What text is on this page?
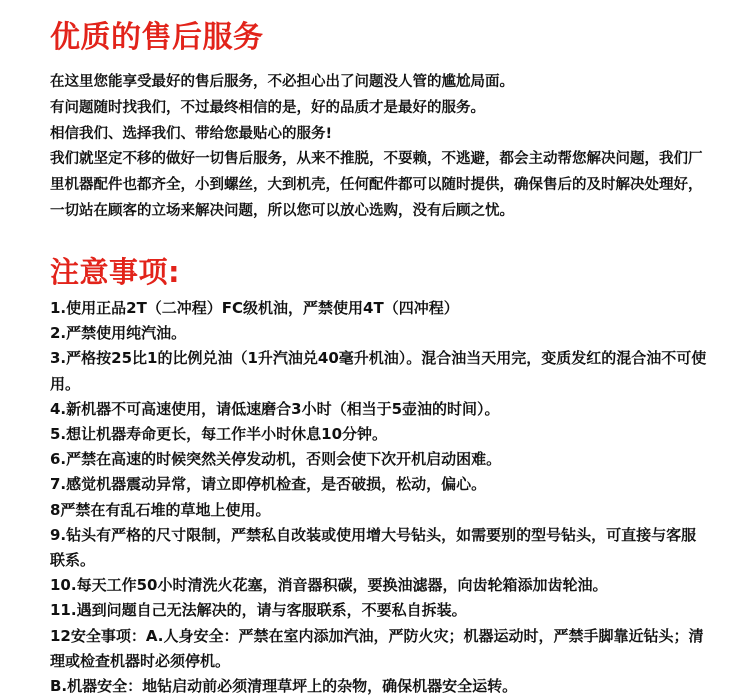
优质的售后服务

在这里您能享受最好的售后服务，不必担心出了问题没人管的尴尬局面。

有问题随时找我们，不过最终相信的是，好的品质才是最好的服务。

相信我们、选择我们、带给您最贴心的服务!

我们就坚定不移的做好一切售后服务，从来不推脱，不耍赖，不逃避，都会主动帮您解决问题，我们厂里机器配件也都齐全，小到螺丝，大到机壳，任何配件都可以随时提供，确保售后的及时解决处理好，一切站在顾客的立场来解决问题，所以您可以放心选购，没有后顾之忧。

注意事项:
1.使用正品2T（二冲程）FC级机油，严禁使用4T（四冲程）
2.严禁使用纯汽油。
3.严格按25比1的比例兑油（1升汽油兑40毫升机油）。混合油当天用完，变质发红的混合油不可使用。
4.新机器不可高速使用，请低速磨合3小时（相当于5壶油的时间）。
5.想让机器寿命更长，每工作半小时休息10分钟。
6.严禁在高速的时候突然关停发动机，否则会使下次开机启动困难。
7.感觉机器震动异常，请立即停机检查，是否破损，松动，偏心。
8严禁在有乱石堆的草地上使用。
9.钻头有严格的尺寸限制，严禁私自改装或使用增大号钻头，如需要别的型号钻头，可直接与客服联系。
10.每天工作50小时清洗火花塞，消音器积碳，要换油滤器，向齿轮箱添加齿轮油。
11.遇到问题自己无法解决的，请与客服联系，不要私自拆装。
12安全事项：A.人身安全：严禁在室内添加汽油，严防火灾；机器运动时，严禁手脚靠近钻头；清理或检查机器时必须停机。
B.机器安全：地钻启动前必须清理草坪上的杂物，确保机器安全运转。
